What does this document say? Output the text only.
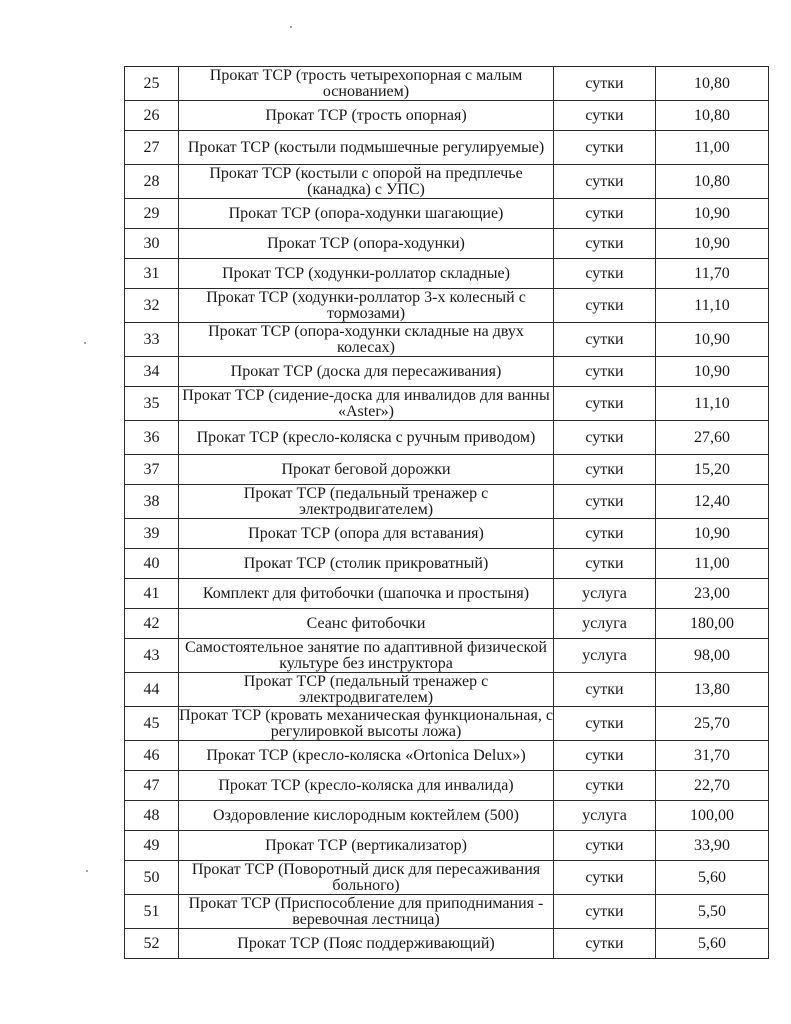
25	Прокат ТСР (трость четырехопорная с малым основанием)	сутки	10,80
26	Прокат ТСР (трость опорная)	сутки	10,80
27	Прокат ТСР (костыли подмышечные регулируемые)	сутки	11,00
28	Прокат ТСР (костыли с опорой на предплечье (канадка) с УПС)	сутки	10,80
29	Прокат ТСР (опора-ходунки шагающие)	сутки	10,90
30	Прокат ТСР (опора-ходунки)	сутки	10,90
31	Прокат ТСР (ходунки-роллатор складные)	сутки	11,70
32	Прокат ТСР (ходунки-роллатор 3-х колесный с тормозами)	сутки	11,10
33	Прокат ТСР (опора-ходунки складные на двух колесах)	сутки	10,90
34	Прокат ТСР (доска для пересаживания)	сутки	10,90
35	Прокат ТСР (сидение-доска для инвалидов для ванны «Aster»)	сутки	11,10
36	Прокат ТСР (кресло-коляска с ручным приводом)	сутки	27,60
37	Прокат беговой дорожки	сутки	15,20
38	Прокат ТСР (педальный тренажер с электродвигателем)	сутки	12,40
39	Прокат ТСР (опора для вставания)	сутки	10,90
40	Прокат ТСР (столик прикроватный)	сутки	11,00
41	Комплект для фитобочки (шапочка и простыня)	услуга	23,00
42	Сеанс фитобочки	услуга	180,00
43	Самостоятельное занятие по адаптивной физической культуре без инструктора	услуга	98,00
44	Прокат ТСР (педальный тренажер с электродвигателем)	сутки	13,80
45	Прокат ТСР (кровать механическая функциональная, с регулировкой высоты ложа)	сутки	25,70
46	Прокат ТСР (кресло-коляска «Ortonica Delux»)	сутки	31,70
47	Прокат ТСР (кресло-коляска для инвалида)	сутки	22,70
48	Оздоровление кислородным коктейлем (500)	услуга	100,00
49	Прокат ТСР (вертикализатор)	сутки	33,90
50	Прокат ТСР (Поворотный диск для пересаживания больного)	сутки	5,60
51	Прокат ТСР (Приспособление для приподнимания - веревочная лестница)	сутки	5,50
52	Прокат ТСР (Пояс поддерживающий)	сутки	5,60
